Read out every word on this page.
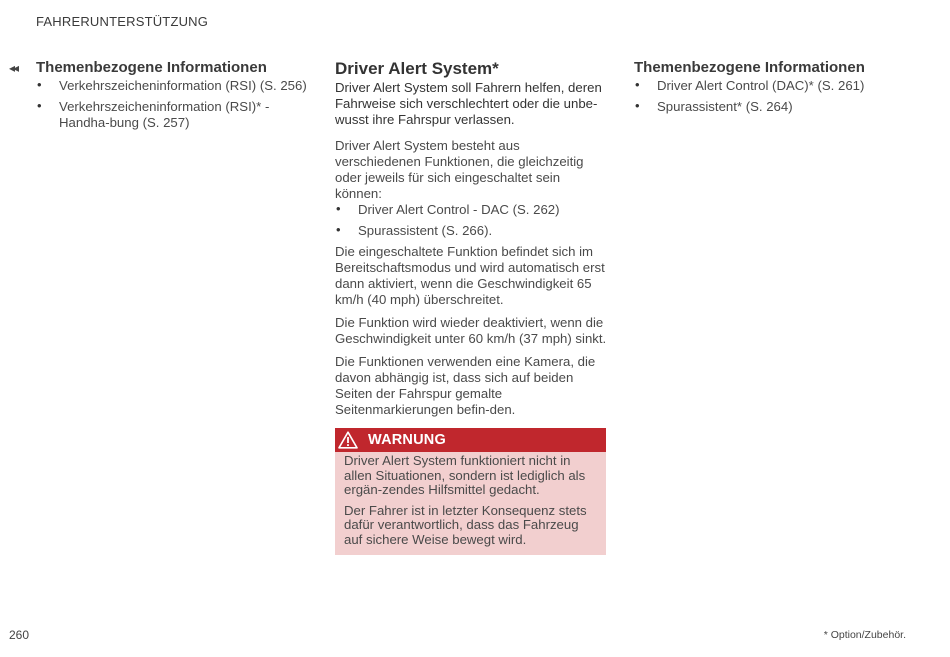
FAHRERUNTERSTÜTZUNG
◂◂ Themenbezogene Informationen
• Verkehrszeicheninformation (RSI) (S. 256)
• Verkehrszeicheninformation (RSI)* - Handha-bung (S. 257)
Driver Alert System*

Driver Alert System soll Fahrern helfen, deren Fahrweise sich verschlechtert oder die unbe-wusst ihre Fahrspur verlassen.

Driver Alert System besteht aus verschiedenen Funktionen, die gleichzeitig oder jeweils für sich eingeschaltet sein können:

• Driver Alert Control - DAC (S. 262)
• Spurassistent (S. 266).

Die eingeschaltete Funktion befindet sich im Bereitschaftsmodus und wird automatisch erst dann aktiviert, wenn die Geschwindigkeit 65 km/h (40 mph) überschreitet.

Die Funktion wird wieder deaktiviert, wenn die Geschwindigkeit unter 60 km/h (37 mph) sinkt.

Die Funktionen verwenden eine Kamera, die davon abhängig ist, dass sich auf beiden Seiten der Fahrspur gemalte Seitenmarkierungen befin-den.

WARNUNG

Driver Alert System funktioniert nicht in allen Situationen, sondern ist lediglich als ergän-zendes Hilfsmittel gedacht.

Der Fahrer ist in letzter Konsequenz stets dafür verantwortlich, dass das Fahrzeug auf sichere Weise bewegt wird.

Themenbezogene Informationen
• Driver Alert Control (DAC)* (S. 261)
• Spurassistent* (S. 264)
260	* Option/Zubehör.
